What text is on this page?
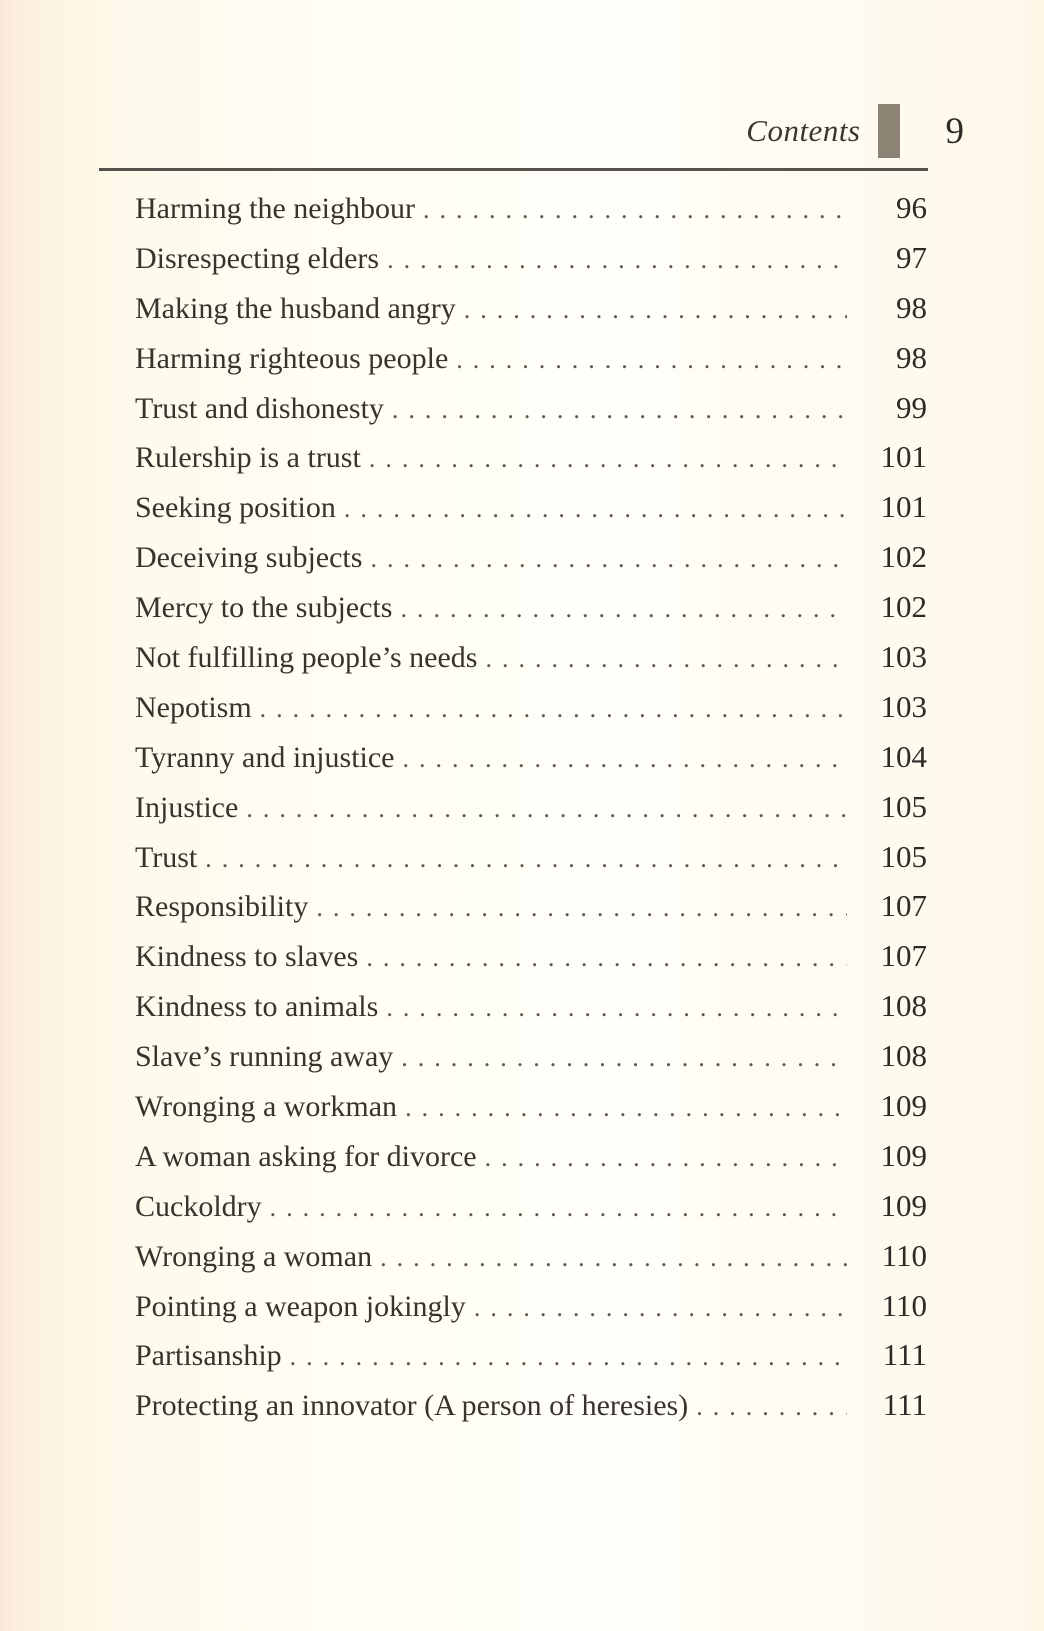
Contents 9
Harming the neighbour .....	96
Disrespecting elders .....	97
Making the husband angry .....	98
Harming righteous people .....	98
Trust and dishonesty .....	99
Rulership is a trust .....	101
Seeking position .....	101
Deceiving subjects .....	102
Mercy to the subjects .....	102
Not fulfilling people’s needs .....	103
Nepotism .....	103
Tyranny and injustice .....	104
Injustice .....	105
Trust .....	105
Responsibility .....	107
Kindness to slaves .....	107
Kindness to animals .....	108
Slave’s running away .....	108
Wronging a workman .....	109
A woman asking for divorce .....	109
Cuckoldry .....	109
Wronging a woman .....	110
Pointing a weapon jokingly .....	110
Partisanship .....	111
Protecting an innovator (A person of heresies) .....	111
